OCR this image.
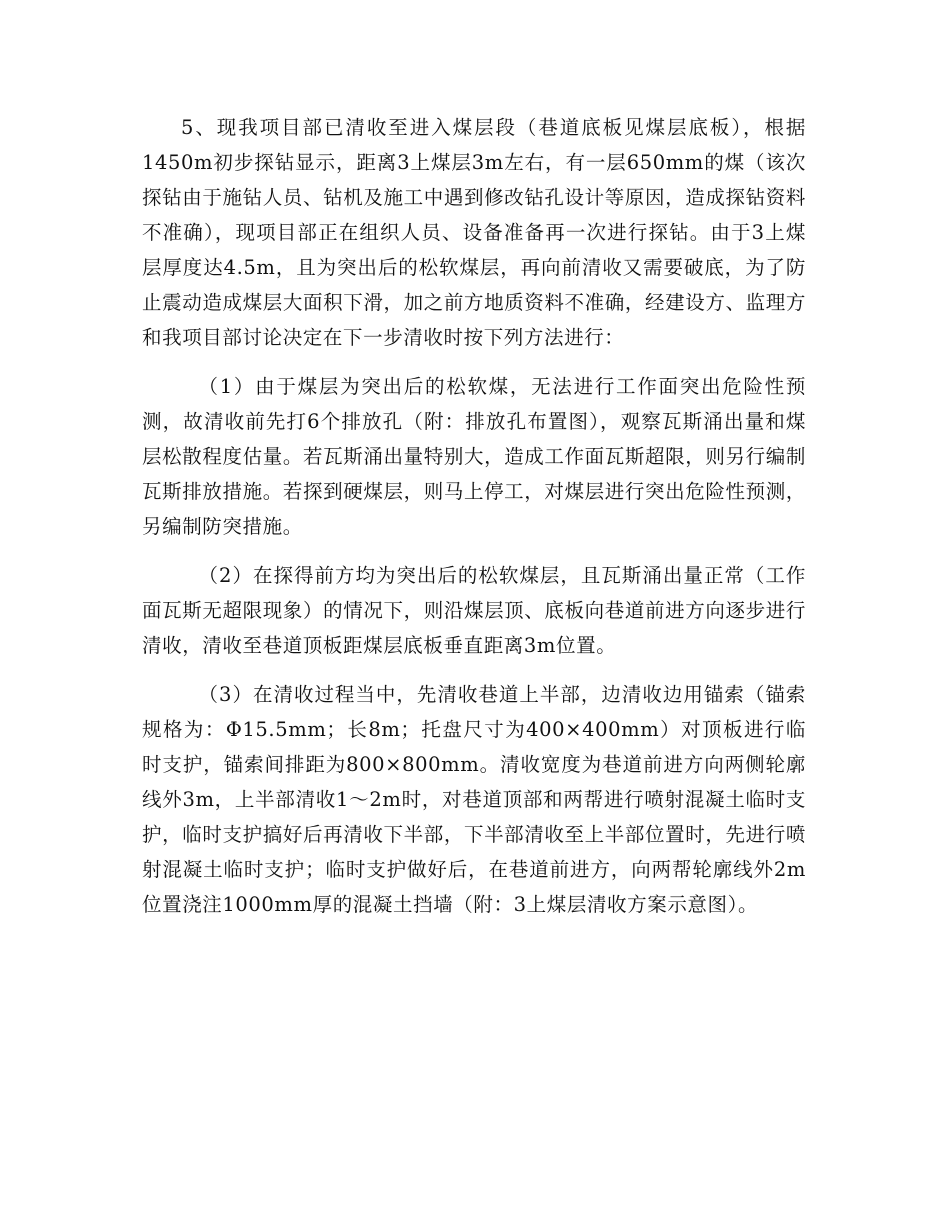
5、现我项目部已清收至进入煤层段（巷道底板见煤层底板），根据1450m初步探钻显示，距离3上煤层3m左右，有一层650mm的煤（该次探钻由于施钻人员、钻机及施工中遇到修改钻孔设计等原因，造成探钻资料不准确），现项目部正在组织人员、设备准备再一次进行探钻。由于3上煤层厚度达4.5m，且为突出后的松软煤层，再向前清收又需要破底，为了防止震动造成煤层大面积下滑，加之前方地质资料不准确，经建设方、监理方和我项目部讨论决定在下一步清收时按下列方法进行：

（1）由于煤层为突出后的松软煤，无法进行工作面突出危险性预测，故清收前先打6个排放孔（附：排放孔布置图），观察瓦斯涌出量和煤层松散程度估量。若瓦斯涌出量特别大，造成工作面瓦斯超限，则另行编制瓦斯排放措施。若探到硬煤层，则马上停工，对煤层进行突出危险性预测，另编制防突措施。

（2）在探得前方均为突出后的松软煤层，且瓦斯涌出量正常（工作面瓦斯无超限现象）的情况下，则沿煤层顶、底板向巷道前进方向逐步进行清收，清收至巷道顶板距煤层底板垂直距离3m位置。

（3）在清收过程当中，先清收巷道上半部，边清收边用锚索（锚索规格为：Φ15.5mm；长8m；托盘尺寸为400×400mm）对顶板进行临时支护，锚索间排距为800×800mm。清收宽度为巷道前进方向两侧轮廓线外3m，上半部清收1～2m时，对巷道顶部和两帮进行喷射混凝土临时支护，临时支护搞好后再清收下半部，下半部清收至上半部位置时，先进行喷射混凝土临时支护；临时支护做好后，在巷道前进方，向两帮轮廓线外2m位置浇注1000mm厚的混凝土挡墙（附：3上煤层清收方案示意图）。
